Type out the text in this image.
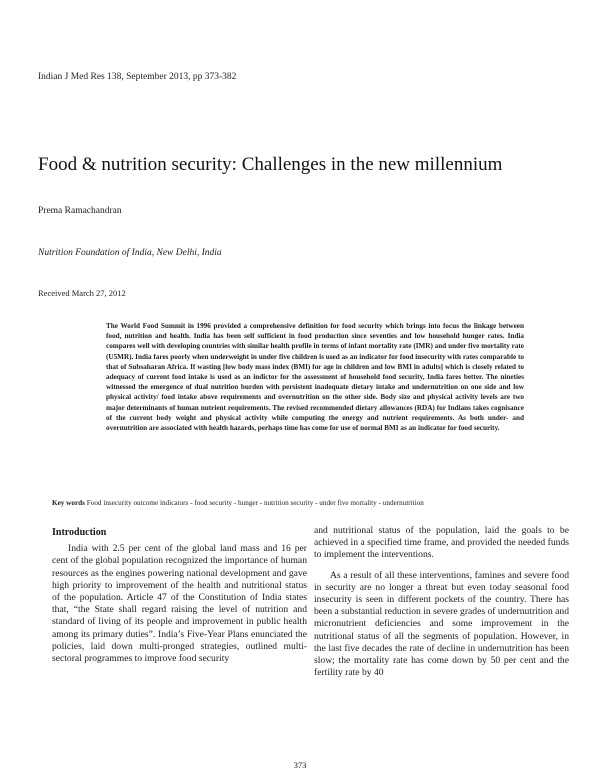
Indian J Med Res 138, September 2013, pp 373-382
Food & nutrition security: Challenges in the new millennium
Prema Ramachandran
Nutrition Foundation of India, New Delhi, India
Received March 27, 2012
The World Food Summit in 1996 provided a comprehensive definition for food security which brings into focus the linkage between food, nutrition and health. India has been self sufficient in food production since seventies and low household hunger rates. India compares well with developing countries with similar health profile in terms of infant mortality rate (IMR) and under five mortality rate (U5MR). India fares poorly when underweight in under five children is used as an indicator for food insecurity with rates comparable to that of Subsaharan Africa. If wasting [low body mass index (BMI) for age in children and low BMI in adults] which is closely related to adequacy of current food intake is used as an indictor for the assessment of household food security, India fares better. The nineties witnessed the emergence of dual nutrition burden with persistent inadequate dietary intake and undernutrition on one side and low physical activity/ food intake above requirements and overnutrition on the other side. Body size and physical activity levels are two major determinants of human nutrient requirements. The revised recommended dietary allowances (RDA) for Indians takes cognisance of the current body weight and physical activity while computing the energy and nutrient requirements. As both under- and overnutrition are associated with health hazards, perhaps time has come for use of normal BMI as an indicator for food security.
Key words Food insecurity outcome indicators - food security - hunger - nutrition security - under five mortality - undernutrition
Introduction

India with 2.5 per cent of the global land mass and 16 per cent of the global population recognized the importance of human resources as the engines powering national development and gave high priority to improvement of the health and nutritional status of the population. Article 47 of the Constitution of India states that, “the State shall regard raising the level of nutrition and standard of living of its people and improvement in public health among its primary duties”. India’s Five-Year Plans enunciated the policies, laid down multi-pronged strategies, outlined multi-sectoral programmes to improve food security

and nutritional status of the population, laid the goals to be achieved in a specified time frame, and provided the needed funds to implement the interventions.

As a result of all these interventions, famines and severe food in security are no longer a threat but even today seasonal food insecurity is seen in different pockets of the country. There has been a substantial reduction in severe grades of undernutrition and micronutrient deficiencies and some improvement in the nutritional status of all the segments of population. However, in the last five decades the rate of decline in undernutrition has been slow; the mortality rate has come down by 50 per cent and the fertility rate by 40

373
